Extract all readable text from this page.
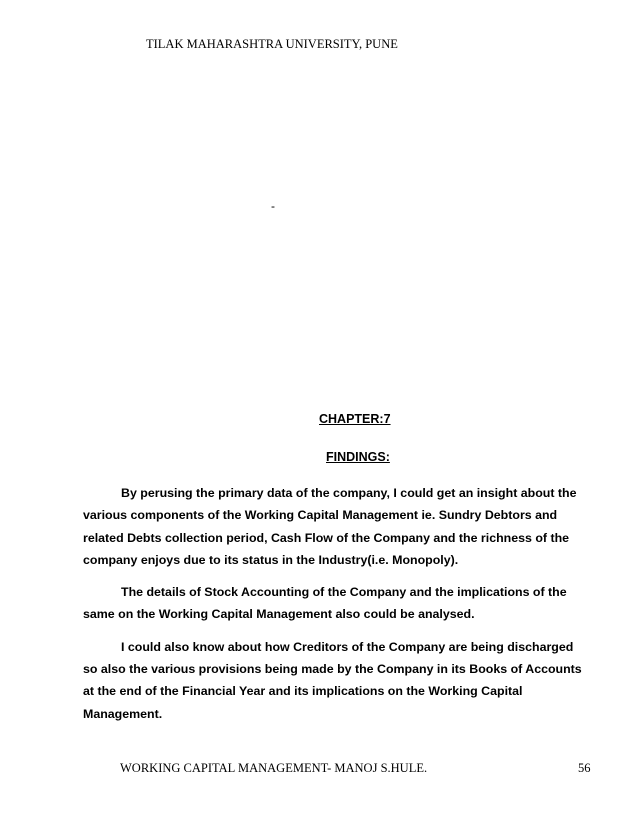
TILAK MAHARASHTRA UNIVERSITY, PUNE
-
CHAPTER:7
FINDINGS:

By perusing the primary data of the company, I could get an insight about the
various components of the Working Capital Management ie. Sundry Debtors and
related Debts collection period, Cash Flow of the Company and the richness of the
company enjoys due to its status in the Industry(i.e. Monopoly).

The details of Stock Accounting of the Company and the implications of the
same on the Working Capital Management also could be analysed.

I could also know about how Creditors of the Company are being discharged
so also the various provisions being made by the Company in its Books of Accounts
at the end of the Financial Year and its implications on the Working Capital
Management.

WORKING CAPITAL MANAGEMENT- MANOJ S.HULE.	56
